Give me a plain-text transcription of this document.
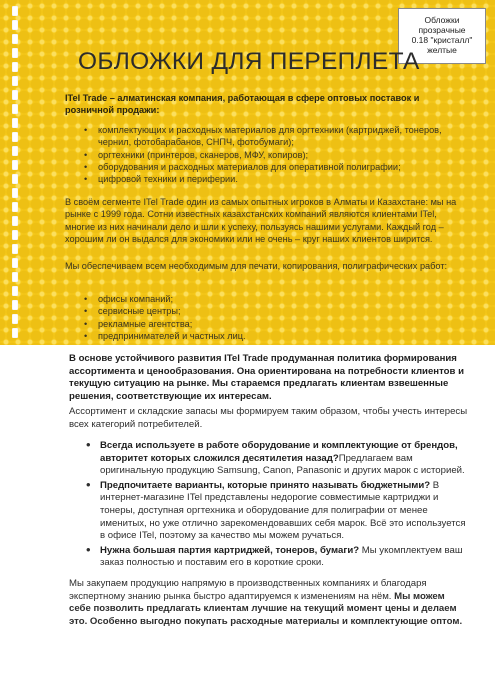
Обложки
прозрачные
0.18 "кристалл"
желтые
ОБЛОЖКИ ДЛЯ ПЕРЕПЛЕТА
ITel Trade – алматинская компания, работающая в сфере оптовых поставок и розничной продажи:
• комплектующих и расходных материалов для оргтехники (картриджей, тонеров, чернил, фотобарабанов, СНПЧ, фотобумаги);
• оргтехники (принтеров, сканеров, МФУ, копиров);
• оборудования и расходных материалов для оперативной полиграфии;
• цифровой техники и периферии.
В своём сегменте ITel Trade один из самых опытных игроков в Алматы и Казахстане: мы на рынке с 1999 года. Сотни известных казахстанских компаний являются клиентами ITel, многие из них начинали дело и шли к успеху, пользуясь нашими услугами. Каждый год – хорошим ли он выдался для экономики или не очень – круг наших клиентов ширится.
Мы обеспечиваем всем необходимым для печати, копирования, полиграфических работ:
• офисы компаний;
• сервисные центры;
• рекламные агентства;
• предпринимателей и частных лиц.
В основе устойчивого развития ITel Trade продуманная политика формирования ассортимента и ценообразования. Она ориентирована на потребности клиентов и текущую ситуацию на рынке. Мы стараемся предлагать клиентам взвешенные решения, соответствующие их интересам.
Ассортимент и складские запасы мы формируем таким образом, чтобы учесть интересы всех категорий потребителей.
• Всегда используете в работе оборудование и комплектующие от брендов, авторитет которых сложился десятилетия назад?Предлагаем вам оригинальную продукцию Samsung, Canon, Panasonic и других марок с историей.
• Предпочитаете варианты, которые принято называть бюджетными? В интернет-магазине ITel представлены недорогие совместимые картриджи и тонеры, доступная оргтехника и оборудование для полиграфии от менее именитых, но уже отлично зарекомендовавших себя марок. Всё это используется в офисе ITel, поэтому за качество мы можем ручаться.
• Нужна большая партия картриджей, тонеров, бумаги? Мы укомплектуем ваш заказ полностью и поставим его в короткие сроки.
Мы закупаем продукцию напрямую в производственных компаниях и благодаря экспертному знанию рынка быстро адаптируемся к изменениям на нём. Мы можем себе позволить предлагать клиентам лучшие на текущий момент цены и делаем это. Особенно выгодно покупать расходные материалы и комплектующие оптом.
